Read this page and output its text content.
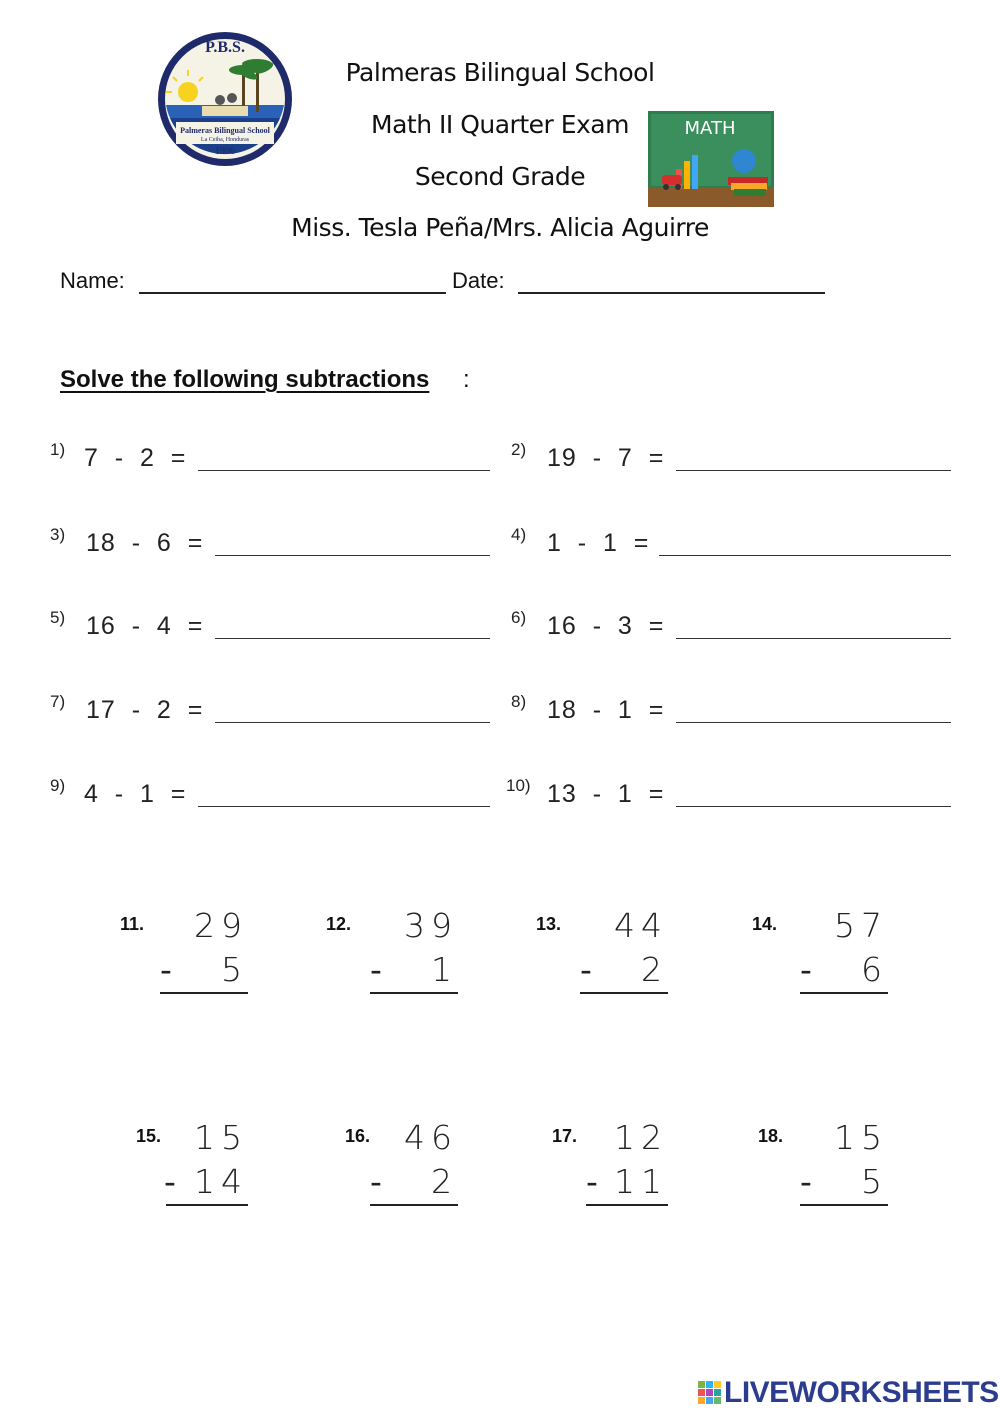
P.B.S.
Palmeras Bilingual School
La Ceiba, Honduras
1996
Palmeras Bilingual School
Math II Quarter Exam
Second Grade
Miss. Tesla Peña/Mrs. Alicia Aguirre
MATH
Name:	Date:
Solve the following subtractions :
1) 7  -  2  =	2) 19  -  7  =
3) 18  -  6  =	4) 1  -  1  =
5) 16  -  4  =	6) 16  -  3  =
7) 17  -  2  =	8) 18  -  1  =
9) 4  -  1  =	10) 13  -  1  =
11. 29
- 5
12. 39
- 1
13. 44
- 2
14. 57
- 6
15. 15
- 14
16. 46
- 2
17. 12
- 11
18. 15
- 5
LIVEWORKSHEETS
